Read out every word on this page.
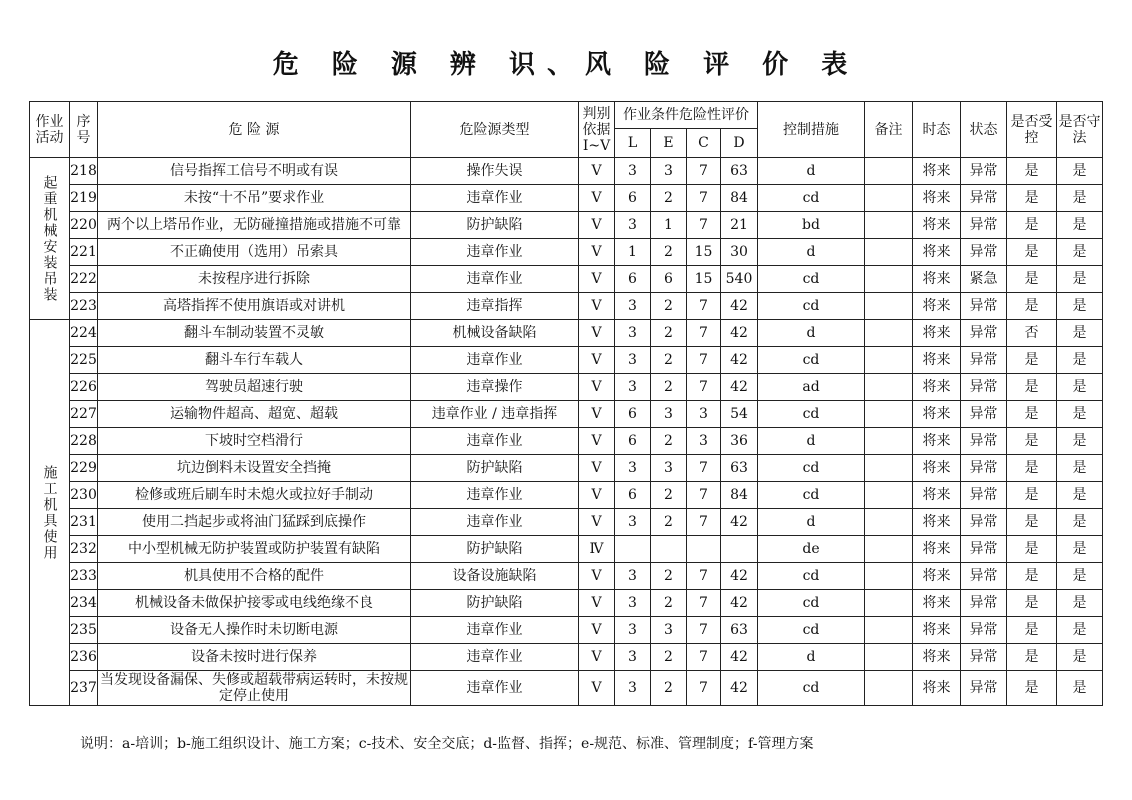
危 险 源 辨 识、风 险 评 价 表
作业活动	序号	危 险 源	危险源类型	判别依据Ⅰ~Ⅴ	作业条件危险性评价				控制措施	备注	时态	状态	是否受控	是否守法
					L	E	C	D						
起重机械安装吊装	218	信号指挥工信号不明或有误	操作失误	Ⅴ	3	3	7	63	d		将来	异常	是	是
	219	未按“十不吊”要求作业	违章作业	Ⅴ	6	2	7	84	cd		将来	异常	是	是
	220	两个以上塔吊作业，无防碰撞措施或措施不可靠	防护缺陷	Ⅴ	3	1	7	21	bd		将来	异常	是	是
	221	不正确使用（选用）吊索具	违章作业	Ⅴ	1	2	15	30	d		将来	异常	是	是
	222	未按程序进行拆除	违章作业	Ⅴ	6	6	15	540	cd		将来	紧急	是	是
	223	高塔指挥不使用旗语或对讲机	违章指挥	Ⅴ	3	2	7	42	cd		将来	异常	是	是
施工机具使用	224	翻斗车制动装置不灵敏	机械设备缺陷	Ⅴ	3	2	7	42	d		将来	异常	否	是
	225	翻斗车行车载人	违章作业	Ⅴ	3	2	7	42	cd		将来	异常	是	是
	226	驾驶员超速行驶	违章操作	Ⅴ	3	2	7	42	ad		将来	异常	是	是
	227	运输物件超高、超宽、超载	违章作业 / 违章指挥	Ⅴ	6	3	3	54	cd		将来	异常	是	是
	228	下坡时空档滑行	违章作业	Ⅴ	6	2	3	36	d		将来	异常	是	是
	229	坑边倒料未设置安全挡掩	防护缺陷	Ⅴ	3	3	7	63	cd		将来	异常	是	是
	230	检修或班后刷车时未熄火或拉好手制动	违章作业	Ⅴ	6	2	7	84	cd		将来	异常	是	是
	231	使用二挡起步或将油门猛踩到底操作	违章作业	Ⅴ	3	2	7	42	d		将来	异常	是	是
	232	中小型机械无防护装置或防护装置有缺陷	防护缺陷	Ⅳ					de		将来	异常	是	是
	233	机具使用不合格的配件	设备设施缺陷	Ⅴ	3	2	7	42	cd		将来	异常	是	是
	234	机械设备未做保护接零或电线绝缘不良	防护缺陷	Ⅴ	3	2	7	42	cd		将来	异常	是	是
	235	设备无人操作时未切断电源	违章作业	Ⅴ	3	3	7	63	cd		将来	异常	是	是
	236	设备未按时进行保养	违章作业	Ⅴ	3	2	7	42	d		将来	异常	是	是
	237	当发现设备漏保、失修或超载带病运转时，未按规定停止使用	违章作业	Ⅴ	3	2	7	42	cd		将来	异常	是	是
说明：a-培训；b-施工组织设计、施工方案；c-技术、安全交底；d-监督、指挥；e-规范、标准、管理制度；f-管理方案
